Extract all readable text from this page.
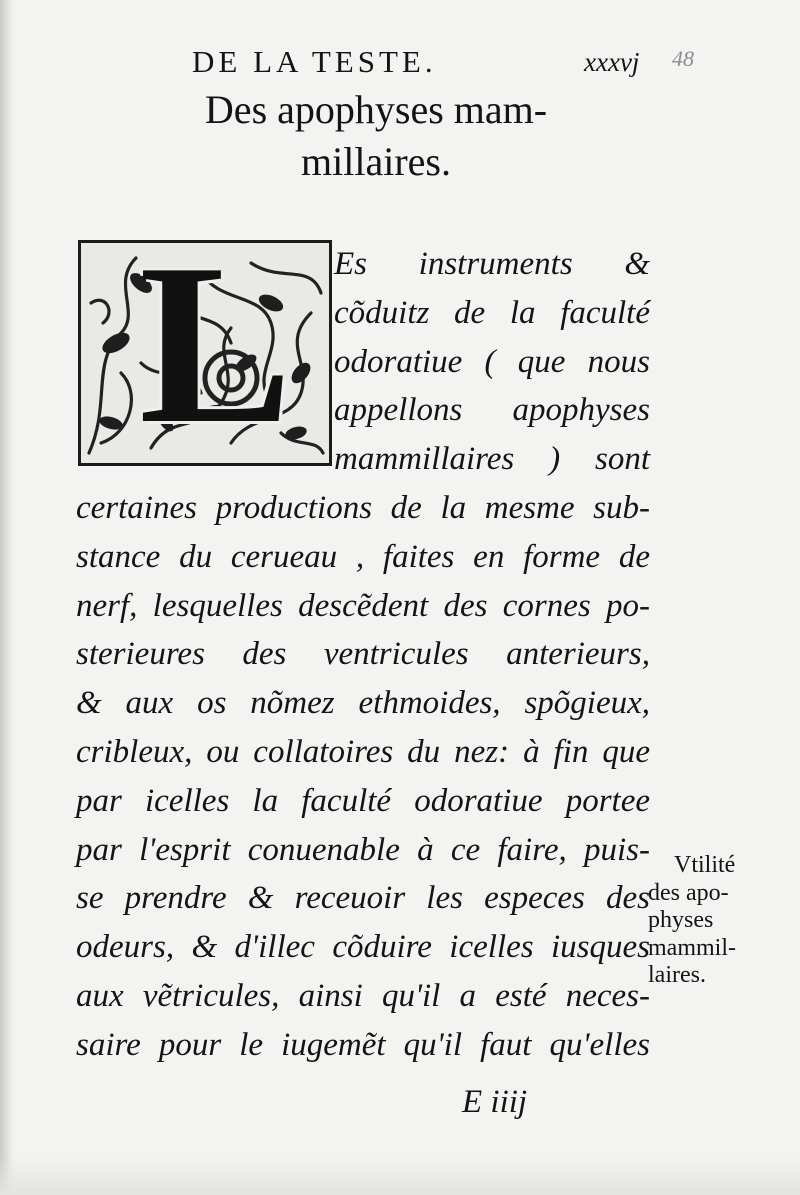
DE LA TESTE.	xxxvj 48
Des apophyses mam-
millaires.
L	Es instruments &
cõduitz de la faculté
odoratiue ( que nous
appellons apophyses
mammillaires ) sont
certaines productions de la mesme sub-
stance du cerueau , faites en forme de
nerf, lesquelles descẽdent des cornes po-
sterieures des ventricules anterieurs,
& aux os nõmez ethmoides, spõgieux,
cribleux, ou collatoires du nez: à fin que
par icelles la faculté odoratiue portee
par l'esprit conuenable à ce faire, puis-
se prendre & receuoir les especes des
odeurs, & d'illec cõduire icelles iusques
aux vẽtricules, ainsi qu'il a esté neces-
saire pour le iugemẽt qu'il faut qu'elles
Vtilité
des apo-
physes
mammil-
laires.
E iiij
